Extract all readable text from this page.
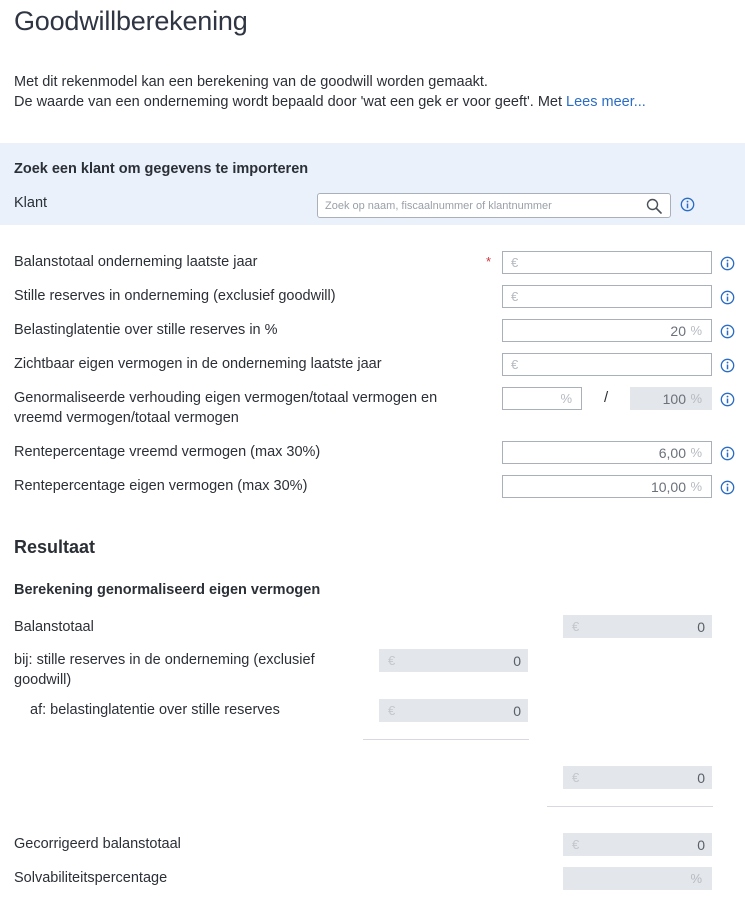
Goodwillberekening
Met dit rekenmodel kan een berekening van de goodwill worden gemaakt.
De waarde van een onderneming wordt bepaald door 'wat een gek er voor geeft'. Met Lees meer...
Zoek een klant om gegevens te importeren
Klant
Zoek op naam, fiscaalnummer of klantnummer
Balanstotaal onderneming laatste jaar	* €
Stille reserves in onderneming (exclusief goodwill)	€
Belastinglatentie over stille reserves in %	20 %
Zichtbaar eigen vermogen in de onderneming laatste jaar	€
Genormaliseerde verhouding eigen vermogen/totaal vermogen en
vreemd vermogen/totaal vermogen
% /	100 %
Rentepercentage vreemd vermogen (max 30%)	6,00 %
Rentepercentage eigen vermogen (max 30%)	10,00 %
Resultaat
Berekening genormaliseerd eigen vermogen
Balanstotaal	€	0
bij: stille reserves in de onderneming (exclusief
goodwill)
€	0
af: belastinglatentie over stille reserves	€	0
€	0
Gecorrigeerd balanstotaal	€	0
Solvabiliteitspercentage	%
